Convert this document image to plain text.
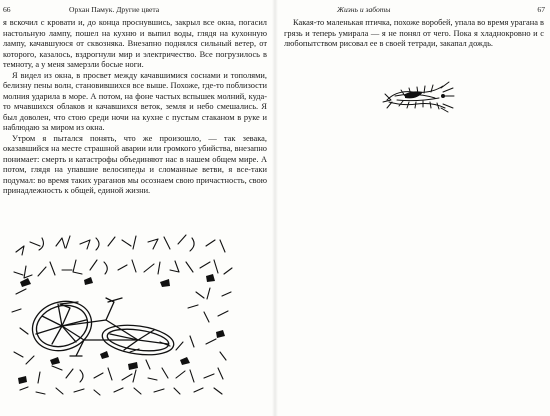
66	Орхан Памук. Другие цвета

я вскочил с кровати и, до конца проснувшись, закрыл все окна, погасил настольную лампу, пошел на кухню и выпил воды, глядя на кухонную лампу, качавшуюся от сквозняка. Внезапно поднялся сильный ветер, от которого, казалось, вздрогнули мир и электричество. Все погрузилось в темноту, а у меня замерзли босые ноги.

Я видел из окна, в просвет между качавшимися соснами и тополями, белизну пены волн, становившихся все выше. Похоже, где-то поблизости молния ударила в море. А потом, на фоне частых вспышек молний, куда-то мчавшихся облаков и качавшихся веток, земля и небо смешались. Я был доволен, что стою среди ночи на кухне с пустым стаканом в руке и наблюдаю за миром из окна.

Утром я пытался понять, что же произошло, — так зевака, оказавшийся на месте страшной аварии или громкого убийства, внезапно понимает: смерть и катастрофы объединяют нас в нашем общем мире. А потом, глядя на упавшие велосипеды и сломанные ветви, я все-таки подумал: во время таких ураганов мы осознаем свою причастность, свою принадлежность к общей, единой жизни.

Жизнь и заботы	67

Какая-то маленькая птичка, похоже воробей, упала во время урагана в грязь и теперь умирала — я не понял от чего. Пока я хладнокровно и с любопытством рисовал ее в своей тетради, закапал дождь.
